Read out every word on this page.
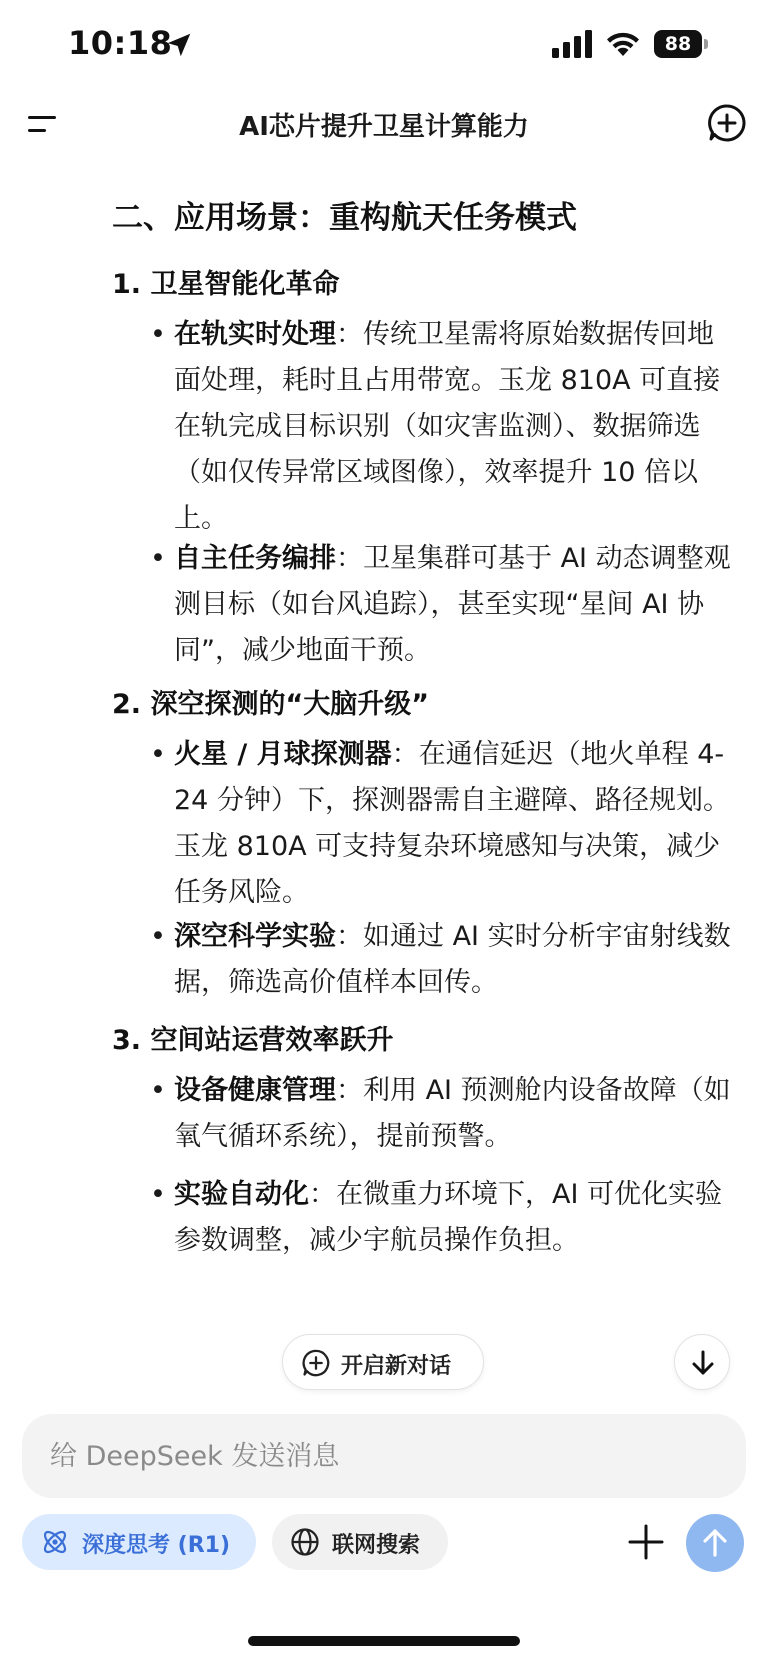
10:18	88
AI芯片提升卫星计算能力
二、应用场景：重构航天任务模式
1. 卫星智能化革命
• 在轨实时处理：传统卫星需将原始数据传回地面处理，耗时且占用带宽。玉龙 810A 可直接在轨完成目标识别（如灾害监测）、数据筛选（如仅传异常区域图像），效率提升 10 倍以上。
• 自主任务编排：卫星集群可基于 AI 动态调整观测目标（如台风追踪），甚至实现“星间 AI 协同”，减少地面干预。
2. 深空探测的“大脑升级”
• 火星 / 月球探测器：在通信延迟（地火单程 4-24 分钟）下，探测器需自主避障、路径规划。玉龙 810A 可支持复杂环境感知与决策，减少任务风险。
• 深空科学实验：如通过 AI 实时分析宇宙射线数据，筛选高价值样本回传。
3. 空间站运营效率跃升
• 设备健康管理：利用 AI 预测舱内设备故障（如氧气循环系统），提前预警。
• 实验自动化：在微重力环境下，AI 可优化实验参数调整，减少宇航员操作负担。
开启新对话
给 DeepSeek 发送消息
深度思考 (R1)	联网搜索
